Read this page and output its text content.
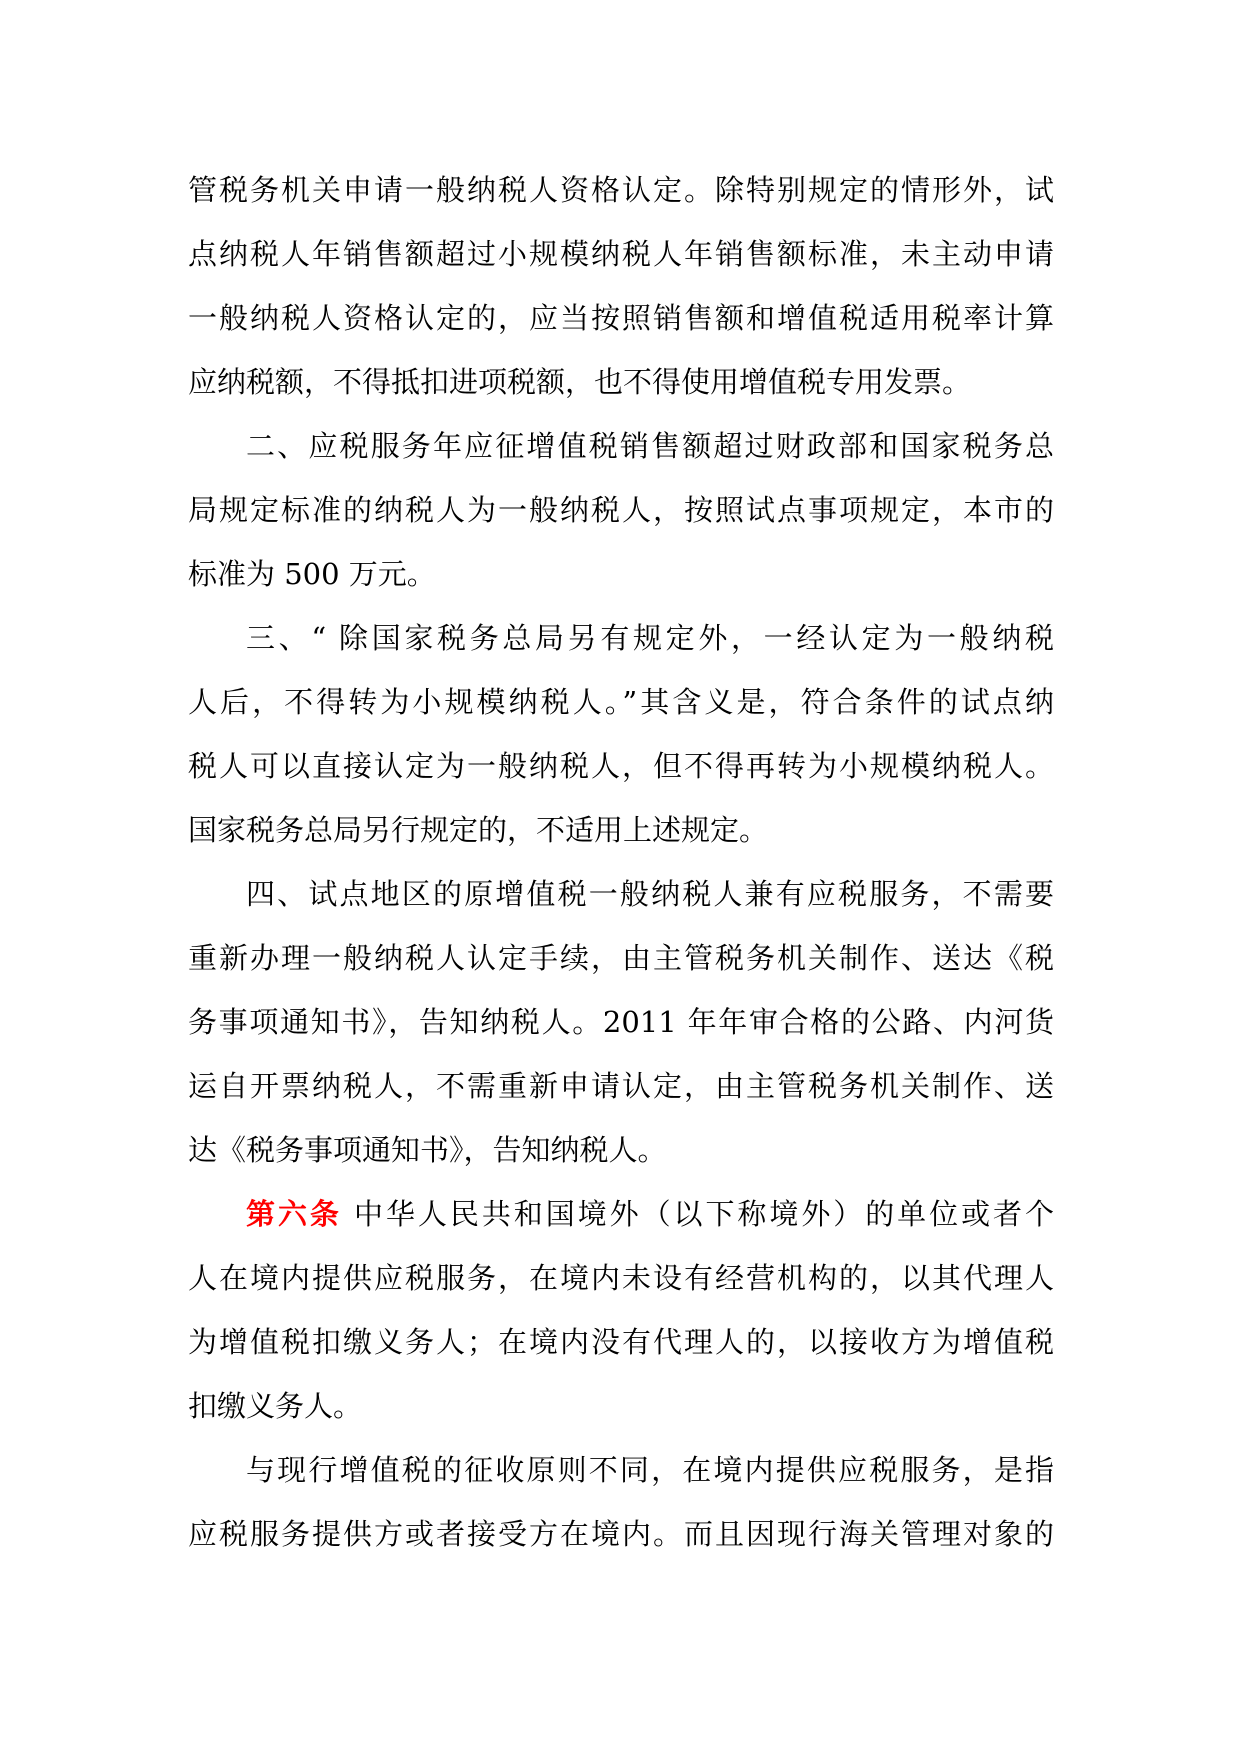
管税务机关申请一般纳税人资格认定。除特别规定的情形外，试
点纳税人年销售额超过小规模纳税人年销售额标准，未主动申请
一般纳税人资格认定的，应当按照销售额和增值税适用税率计算
应纳税额，不得抵扣进项税额，也不得使用增值税专用发票。
二、应税服务年应征增值税销售额超过财政部和国家税务总
局规定标准的纳税人为一般纳税人，按照试点事项规定，本市的
标准为 500 万元。
三、“ 除国家税务总局另有规定外，一经认定为一般纳税
人后，不得转为小规模纳税人。”其含义是，符合条件的试点纳
税人可以直接认定为一般纳税人，但不得再转为小规模纳税人。
国家税务总局另行规定的，不适用上述规定。
四、试点地区的原增值税一般纳税人兼有应税服务，不需要
重新办理一般纳税人认定手续，由主管税务机关制作、送达《税
务事项通知书》，告知纳税人。2011 年年审合格的公路、内河货
运自开票纳税人，不需重新申请认定，由主管税务机关制作、送
达《税务事项通知书》，告知纳税人。
第六条 中华人民共和国境外（以下称境外）的单位或者个
人在境内提供应税服务，在境内未设有经营机构的，以其代理人
为增值税扣缴义务人；在境内没有代理人的，以接收方为增值税
扣缴义务人。
与现行增值税的征收原则不同，在境内提供应税服务，是指
应税服务提供方或者接受方在境内。而且因现行海关管理对象的
